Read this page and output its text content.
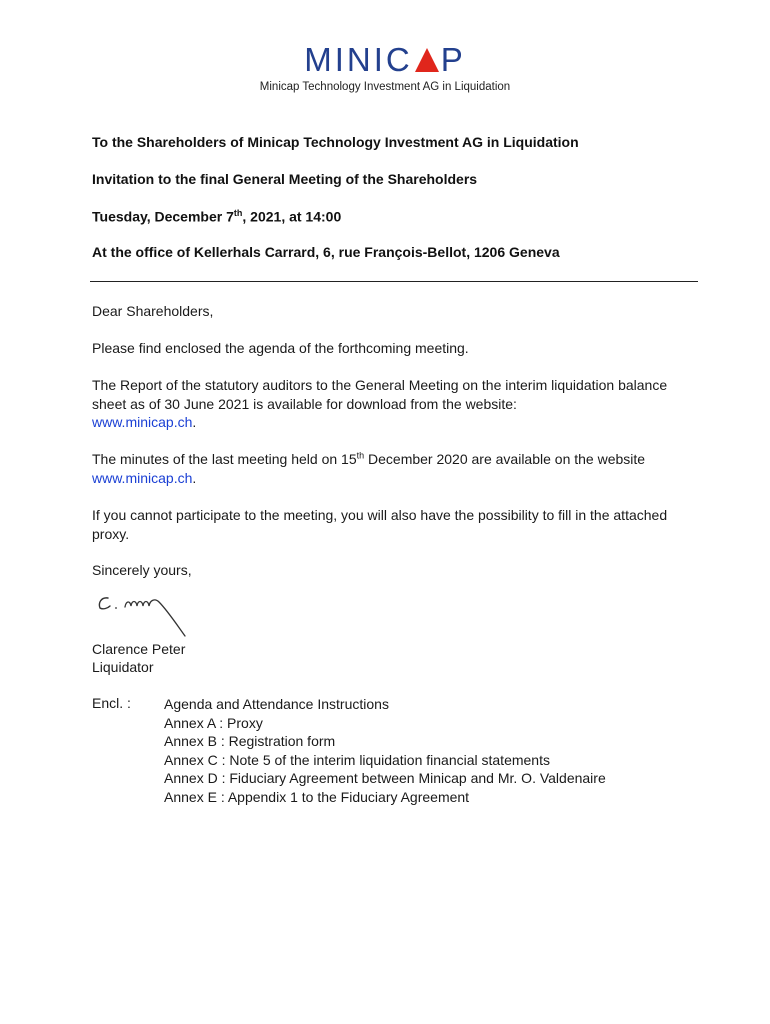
MINIC P
Minicap Technology Investment AG in Liquidation
To the Shareholders of Minicap Technology Investment AG in Liquidation
Invitation to the final General Meeting of the Shareholders
Tuesday, December 7th, 2021, at 14:00
At the office of Kellerhals Carrard, 6, rue François-Bellot, 1206 Geneva
Dear Shareholders,
Please find enclosed the agenda of the forthcoming meeting.
The Report of the statutory auditors to the General Meeting on the interim liquidation balance sheet as of 30 June 2021 is available for download from the website:
www.minicap.ch.
The minutes of the last meeting held on 15th December 2020 are available on the website www.minicap.ch.
If you cannot participate to the meeting, you will also have the possibility to fill in the attached proxy.
Sincerely yours,
Clarence Peter
Liquidator
Encl. : Agenda and Attendance Instructions
Annex A : Proxy
Annex B : Registration form
Annex C : Note 5 of the interim liquidation financial statements
Annex D : Fiduciary Agreement between Minicap and Mr. O. Valdenaire
Annex E : Appendix 1 to the Fiduciary Agreement
